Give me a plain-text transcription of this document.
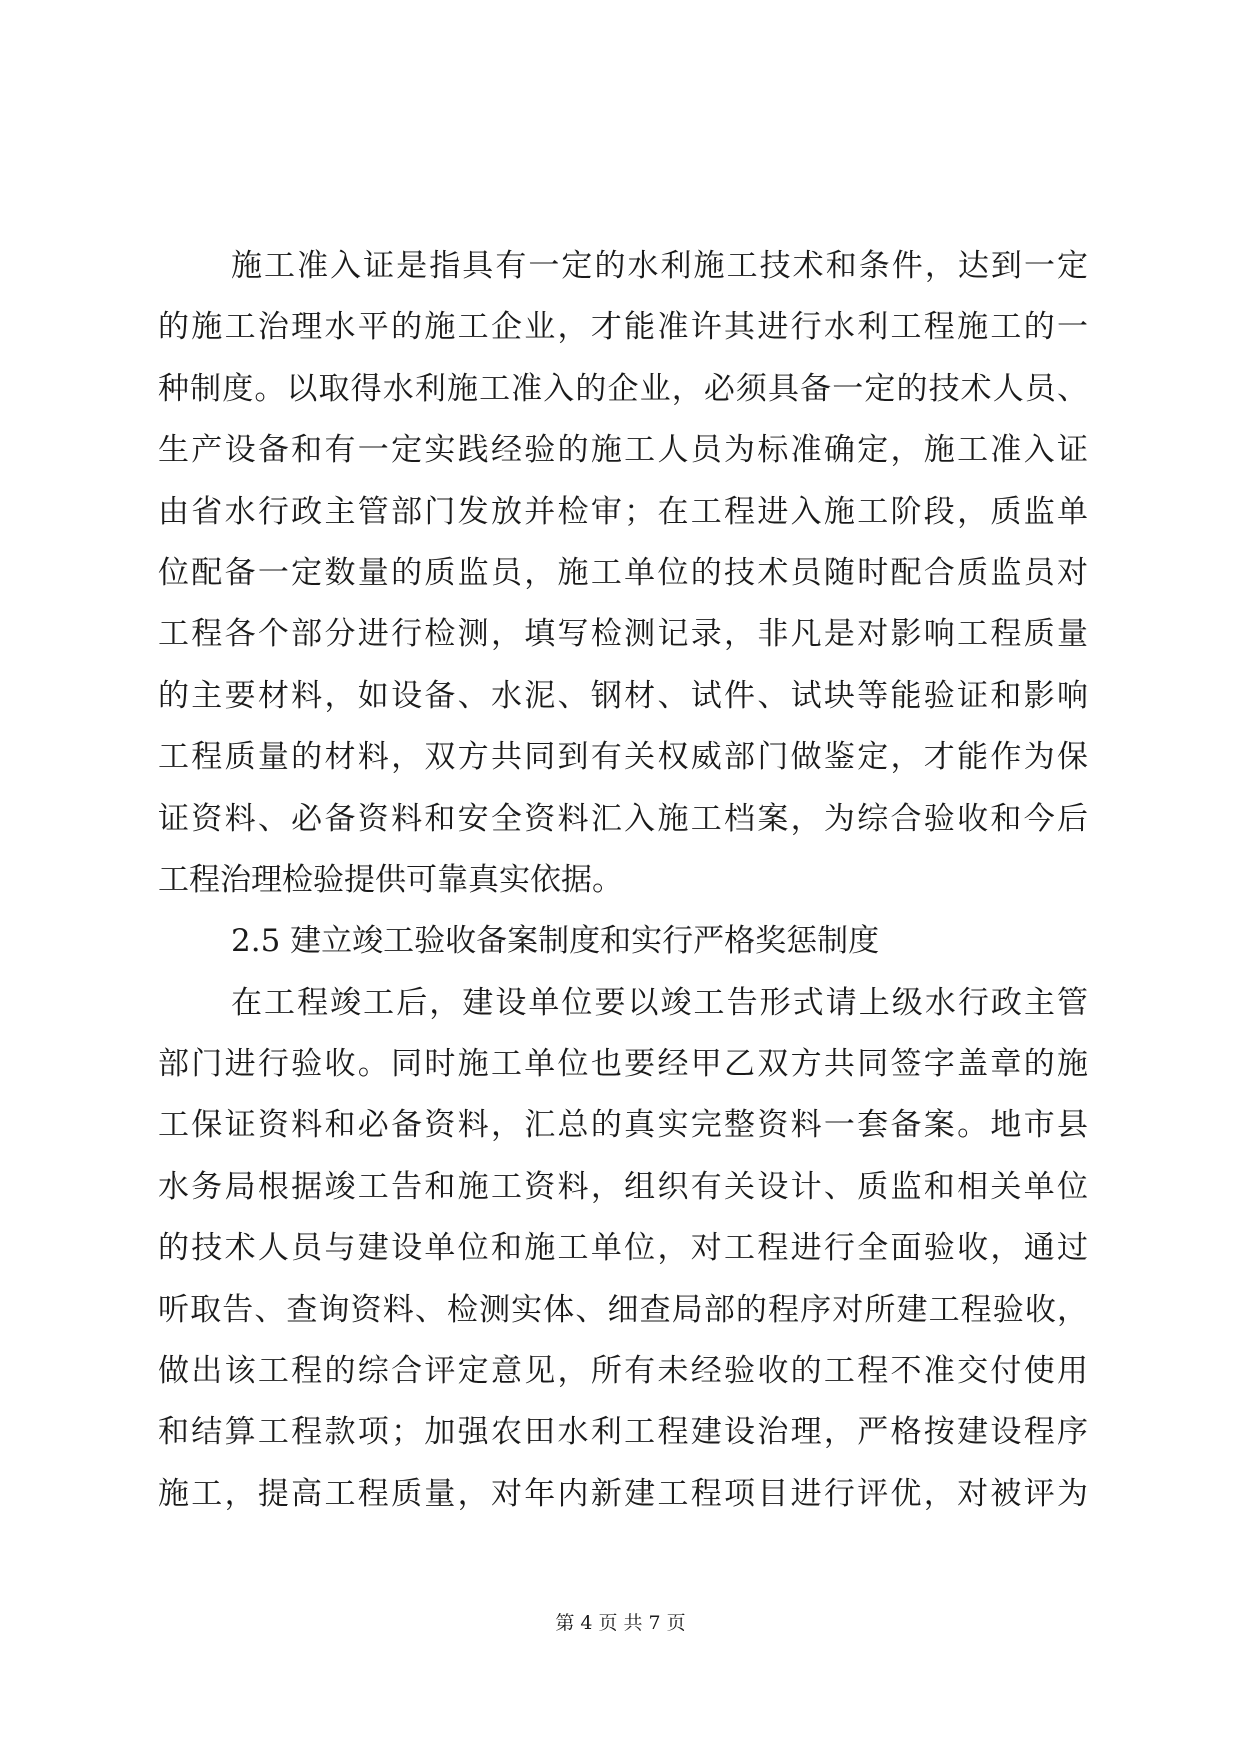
施工准入证是指具有一定的水利施工技术和条件，达到一定
的施工治理水平的施工企业，才能准许其进行水利工程施工的一
种制度。以取得水利施工准入的企业，必须具备一定的技术人员、
生产设备和有一定实践经验的施工人员为标准确定，施工准入证
由省水行政主管部门发放并检审；在工程进入施工阶段，质监单
位配备一定数量的质监员，施工单位的技术员随时配合质监员对
工程各个部分进行检测，填写检测记录，非凡是对影响工程质量
的主要材料，如设备、水泥、钢材、试件、试块等能验证和影响
工程质量的材料，双方共同到有关权威部门做鉴定，才能作为保
证资料、必备资料和安全资料汇入施工档案，为综合验收和今后
工程治理检验提供可靠真实依据。
2.5 建立竣工验收备案制度和实行严格奖惩制度
在工程竣工后，建设单位要以竣工告形式请上级水行政主管
部门进行验收。同时施工单位也要经甲乙双方共同签字盖章的施
工保证资料和必备资料，汇总的真实完整资料一套备案。地市县
水务局根据竣工告和施工资料，组织有关设计、质监和相关单位
的技术人员与建设单位和施工单位，对工程进行全面验收，通过
听取告、查询资料、检测实体、细查局部的程序对所建工程验收，
做出该工程的综合评定意见，所有未经验收的工程不准交付使用
和结算工程款项；加强农田水利工程建设治理，严格按建设程序
施工，提高工程质量，对年内新建工程项目进行评优，对被评为
第 4 页 共 7 页
